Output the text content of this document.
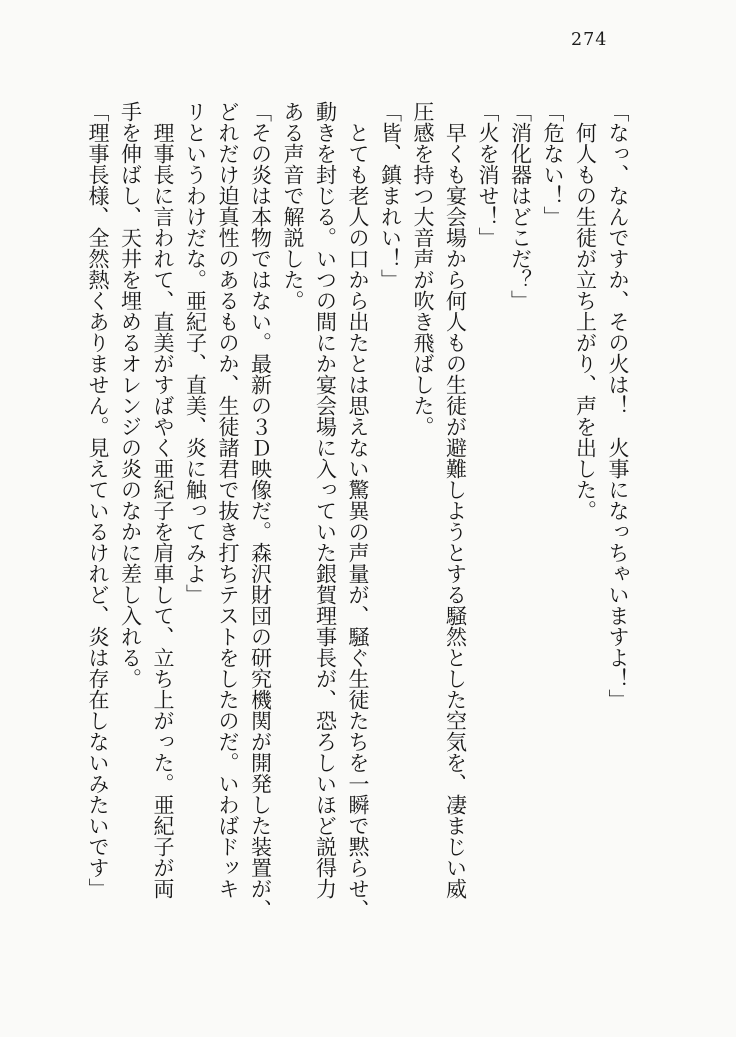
274
「なっ、なんですか、その火は！　火事になっちゃいますよ！」
何人もの生徒が立ち上がり、声を出した。
「危ない！」
「消化器はどこだ？」
「火を消せ！」
早くも宴会場から何人もの生徒が避難しようとする騒然とした空気を、凄まじい威
圧感を持つ大音声が吹き飛ばした。
「皆、鎮まれい！」
とても老人の口から出たとは思えない驚異の声量が、騒ぐ生徒たちを一瞬で黙らせ、
動きを封じる。いつの間にか宴会場に入っていた銀賀理事長が、恐ろしいほど説得力
ある声音で解説した。
「その炎は本物ではない。最新の３Ｄ映像だ。森沢財団の研究機関が開発した装置が、
どれだけ迫真性のあるものか、生徒諸君で抜き打ちテストをしたのだ。いわばドッキ
リというわけだな。亜紀子、直美、炎に触ってみよ」
理事長に言われて、直美がすばやく亜紀子を肩車して、立ち上がった。亜紀子が両
手を伸ばし、天井を埋めるオレンジの炎のなかに差し入れる。
「理事長様、全然熱くありません。見えているけれど、炎は存在しないみたいです」
